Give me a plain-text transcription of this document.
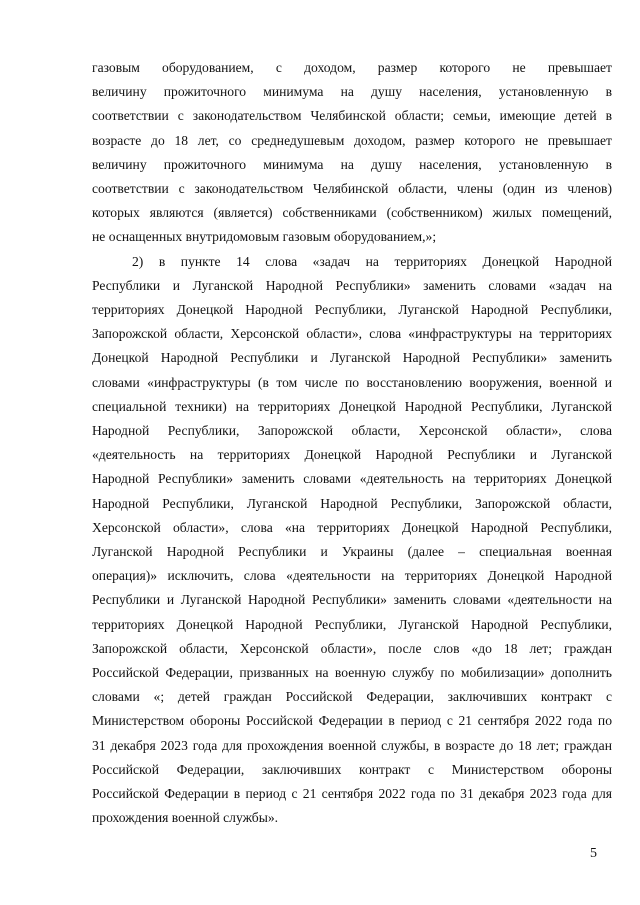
газовым оборудованием, с доходом, размер которого не превышает
величину прожиточного минимума на душу населения, установленную в
соответствии с законодательством Челябинской области; семьи, имеющие детей в
возрасте до 18 лет, со среднедушевым доходом, размер которого не превышает
величину прожиточного минимума на душу населения, установленную в
соответствии с законодательством Челябинской области, члены (один из членов)
которых являются (является) собственниками (собственником) жилых помещений,
не оснащенных внутридомовым газовым оборудованием,»;

2) в пункте 14 слова «задач на территориях Донецкой Народной
Республики и Луганской Народной Республики» заменить словами «задач на
территориях Донецкой Народной Республики, Луганской Народной Республики,
Запорожской области, Херсонской области», слова «инфраструктуры на территориях
Донецкой Народной Республики и Луганской Народной Республики» заменить
словами «инфраструктуры (в том числе по восстановлению вооружения, военной и
специальной техники) на территориях Донецкой Народной Республики, Луганской
Народной Республики, Запорожской области, Херсонской области», слова
«деятельность на территориях Донецкой Народной Республики и Луганской
Народной Республики» заменить словами «деятельность на территориях Донецкой
Народной Республики, Луганской Народной Республики, Запорожской области,
Херсонской области», слова «на территориях Донецкой Народной Республики,
Луганской Народной Республики и Украины (далее – специальная военная
операция)» исключить, слова «деятельности на территориях Донецкой Народной
Республики и Луганской Народной Республики» заменить словами «деятельности на
территориях Донецкой Народной Республики, Луганской Народной Республики,
Запорожской области, Херсонской области», после слов «до 18 лет; граждан
Российской Федерации, призванных на военную службу по мобилизации» дополнить
словами «; детей граждан Российской Федерации, заключивших контракт с
Министерством обороны Российской Федерации в период с 21 сентября 2022 года по
31 декабря 2023 года для прохождения военной службы, в возрасте до 18 лет; граждан
Российской Федерации, заключивших контракт с Министерством обороны
Российской Федерации в период с 21 сентября 2022 года по 31 декабря 2023 года для
прохождения военной службы».

5
